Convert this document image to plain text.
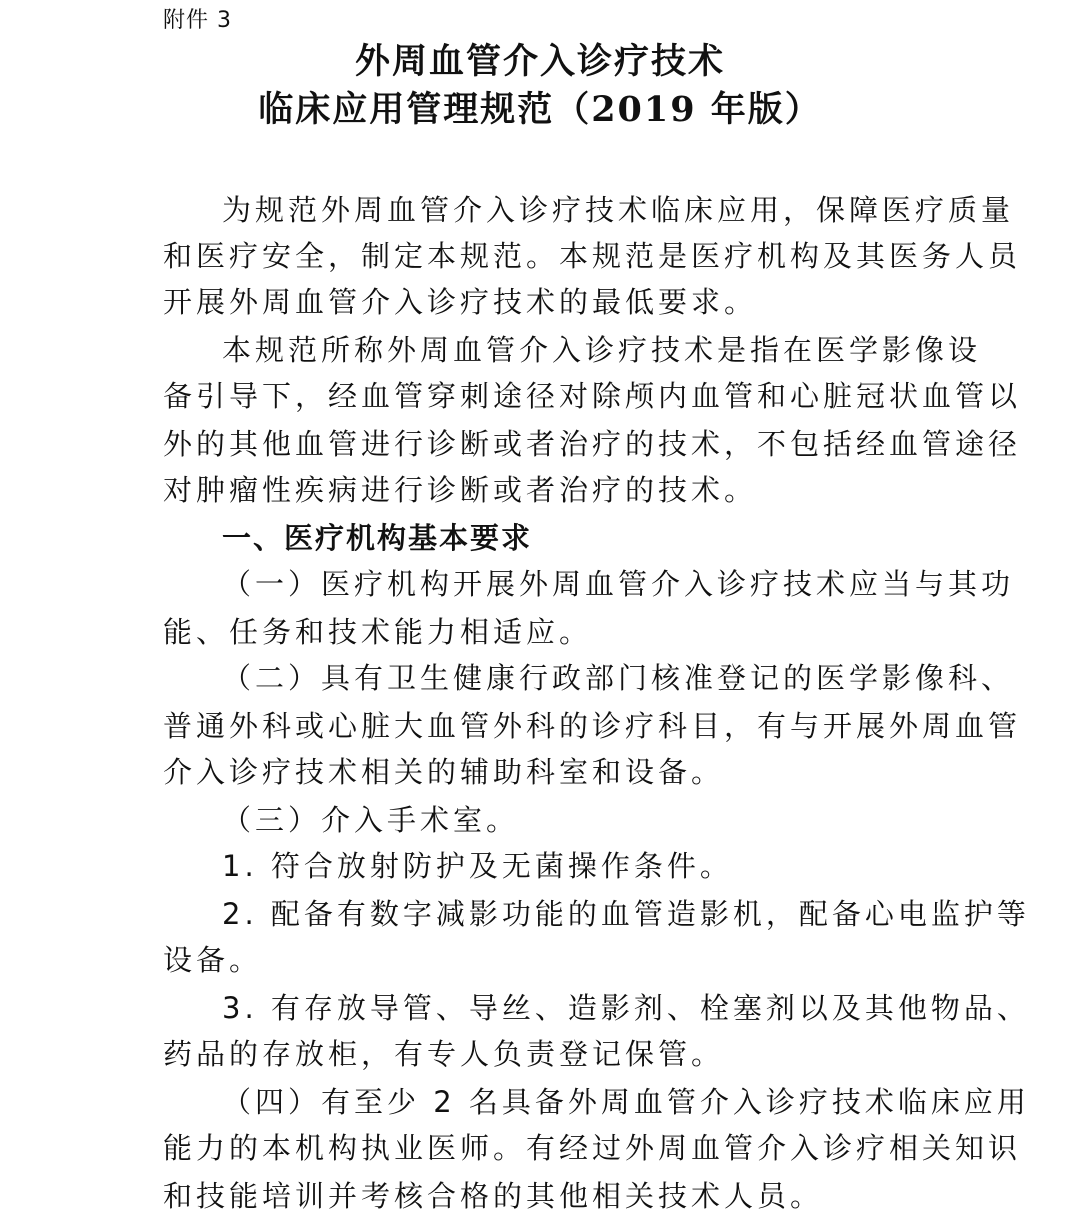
附件 3
外周血管介入诊疗技术
临床应用管理规范（2019 年版）
为规范外周血管介入诊疗技术临床应用，保障医疗质量
和医疗安全，制定本规范。本规范是医疗机构及其医务人员
开展外周血管介入诊疗技术的最低要求。
本规范所称外周血管介入诊疗技术是指在医学影像设
备引导下，经血管穿刺途径对除颅内血管和心脏冠状血管以
外的其他血管进行诊断或者治疗的技术，不包括经血管途径
对肿瘤性疾病进行诊断或者治疗的技术。
一、医疗机构基本要求
（一）医疗机构开展外周血管介入诊疗技术应当与其功
能、任务和技术能力相适应。
（二）具有卫生健康行政部门核准登记的医学影像科、
普通外科或心脏大血管外科的诊疗科目，有与开展外周血管
介入诊疗技术相关的辅助科室和设备。
（三）介入手术室。
1. 符合放射防护及无菌操作条件。
2. 配备有数字减影功能的血管造影机，配备心电监护等
设备。
3. 有存放导管、导丝、造影剂、栓塞剂以及其他物品、
药品的存放柜，有专人负责登记保管。
（四）有至少 2 名具备外周血管介入诊疗技术临床应用
能力的本机构执业医师。有经过外周血管介入诊疗相关知识
和技能培训并考核合格的其他相关技术人员。
